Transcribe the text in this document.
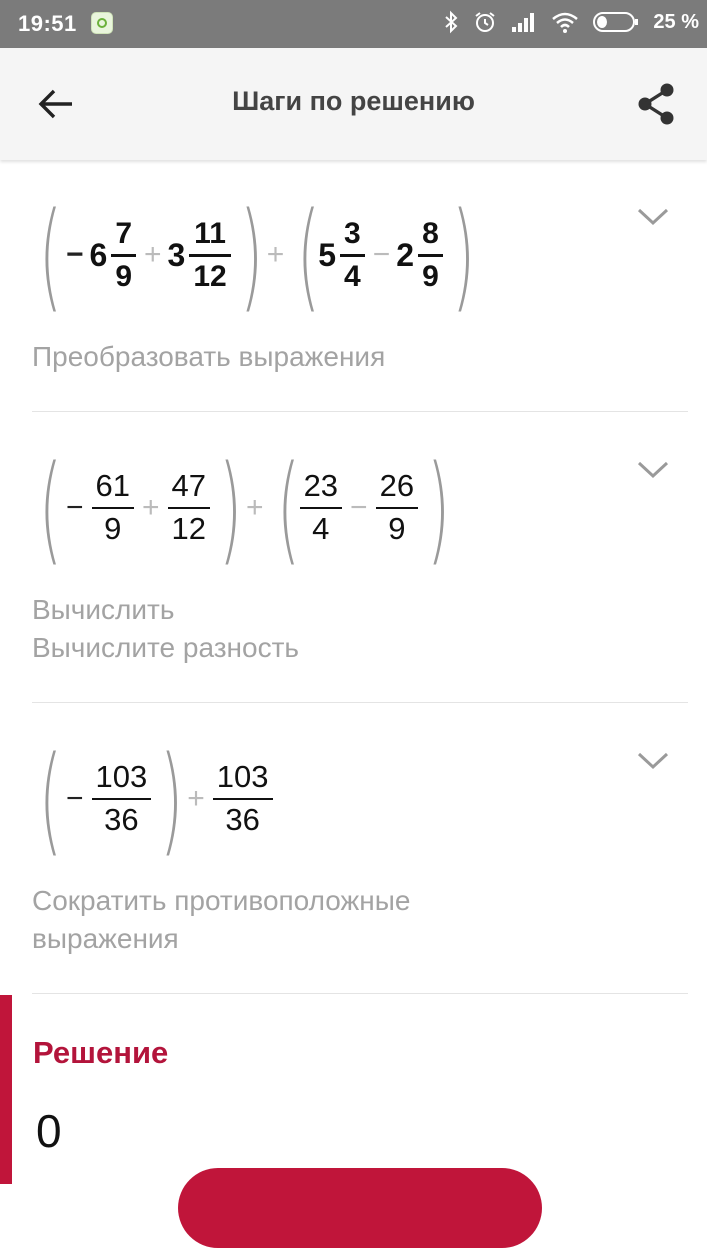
19:51	25 %
Шаги по решению
( − $6 \frac{7}{9} + 3 \frac{11}{12}$ ) + (
$5 \frac{3}{4} - 2 \frac{8}{9}$ )
Преобразовать выражения
( − $\frac{61}{9} + \frac{47}{12}$ ) + ( $\frac{23}{4} - \frac{26}{9}$ )
Вычислить
Вычислите разность
( − $\frac{103}{36}$ ) + $\frac{103}{36}$
Сократить противоположные
выражения
Решение
0
